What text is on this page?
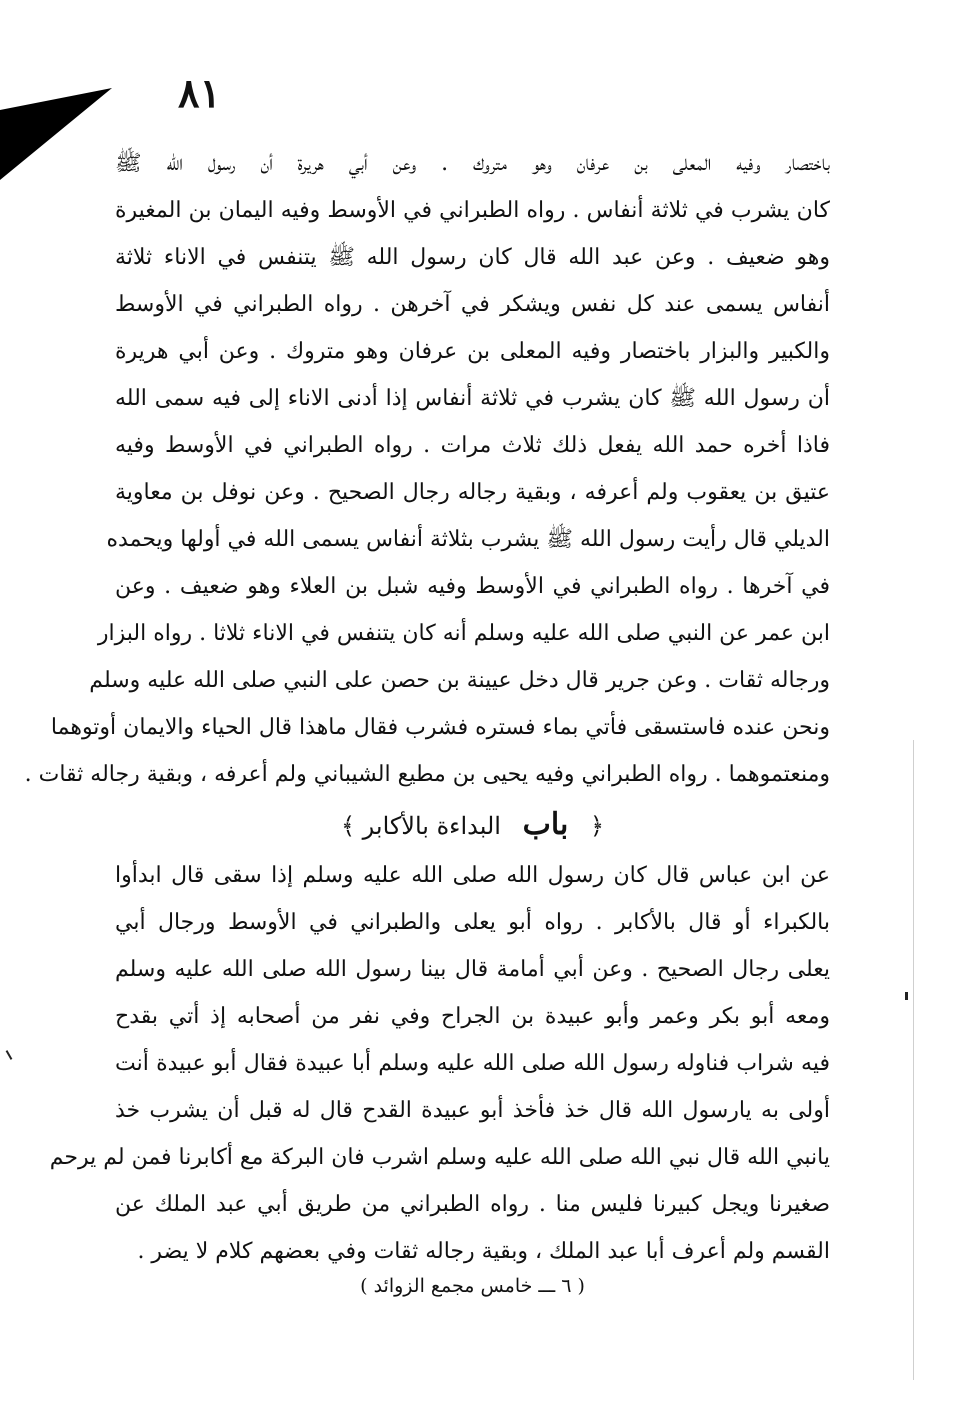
٨١
باختصار وفيه المعلى بن عرفان وهو متروك . وعن أبي هريرة أن رسول الله ﷺ
كان يشرب في ثلاثة أنفاس . رواه الطبراني في الأوسط وفيه اليمان بن المغيرة
وهو ضعيف . وعن عبد الله قال كان رسول الله ﷺ يتنفس في الاناء ثلاثة
أنفاس يسمى عند كل نفس ويشكر في آخرهن . رواه الطبراني في الأوسط
والكبير والبزار باختصار وفيه المعلى بن عرفان وهو متروك . وعن أبي هريرة
أن رسول الله ﷺ كان يشرب في ثلاثة أنفاس إذا أدنى الاناء إلى فيه سمى الله
فاذا أخره حمد الله يفعل ذلك ثلاث مرات . رواه الطبراني في الأوسط وفيه
عتيق بن يعقوب ولم أعرفه ، وبقية رجاله رجال الصحيح . وعن نوفل بن معاوية
الديلي قال رأيت رسول الله ﷺ يشرب بثلاثة أنفاس يسمى الله في أولها ويحمده
في آخرها . رواه الطبراني في الأوسط وفيه شبل بن العلاء وهو ضعيف . وعن
ابن عمر عن النبي صلى الله عليه وسلم أنه كان يتنفس في الاناء ثلاثا . رواه البزار
ورجاله ثقات . وعن جرير قال دخل عيينة بن حصن على النبي صلى الله عليه وسلم
ونحن عنده فاستسقى فأتي بماء فستره فشرب فقال ماهذا قال الحياء والايمان أوتوهما
ومنعتموهما . رواه الطبراني وفيه يحيى بن مطيع الشيباني ولم أعرفه ، وبقية رجاله ثقات .
﴿ باب البداءة بالأكابر ﴾
عن ابن عباس قال كان رسول الله صلى الله عليه وسلم إذا سقى قال ابدأوا
بالكبراء أو قال بالأكابر . رواه أبو يعلى والطبراني في الأوسط ورجال أبي
يعلى رجال الصحيح . وعن أبي أمامة قال بينا رسول الله صلى الله عليه وسلم
ومعه أبو بكر وعمر وأبو عبيدة بن الجراح وفي نفر من أصحابه إذ أتي بقدح
فيه شراب فناوله رسول الله صلى الله عليه وسلم أبا عبيدة فقال أبو عبيدة أنت
أولى به يارسول الله قال خذ فأخذ أبو عبيدة القدح قال له قبل أن يشرب خذ
يانبي الله قال نبي الله صلى الله عليه وسلم اشرب فان البركة مع أكابرنا فمن لم يرحم
صغيرنا ويجل كبيرنا فليس منا . رواه الطبراني من طريق أبي عبد الملك عن
القسم ولم أعرف أبا عبد الملك ، وبقية رجاله ثقات وفي بعضهم كلام لا يضر .
( ٦ ـــ خامس مجمع الزوائد )
